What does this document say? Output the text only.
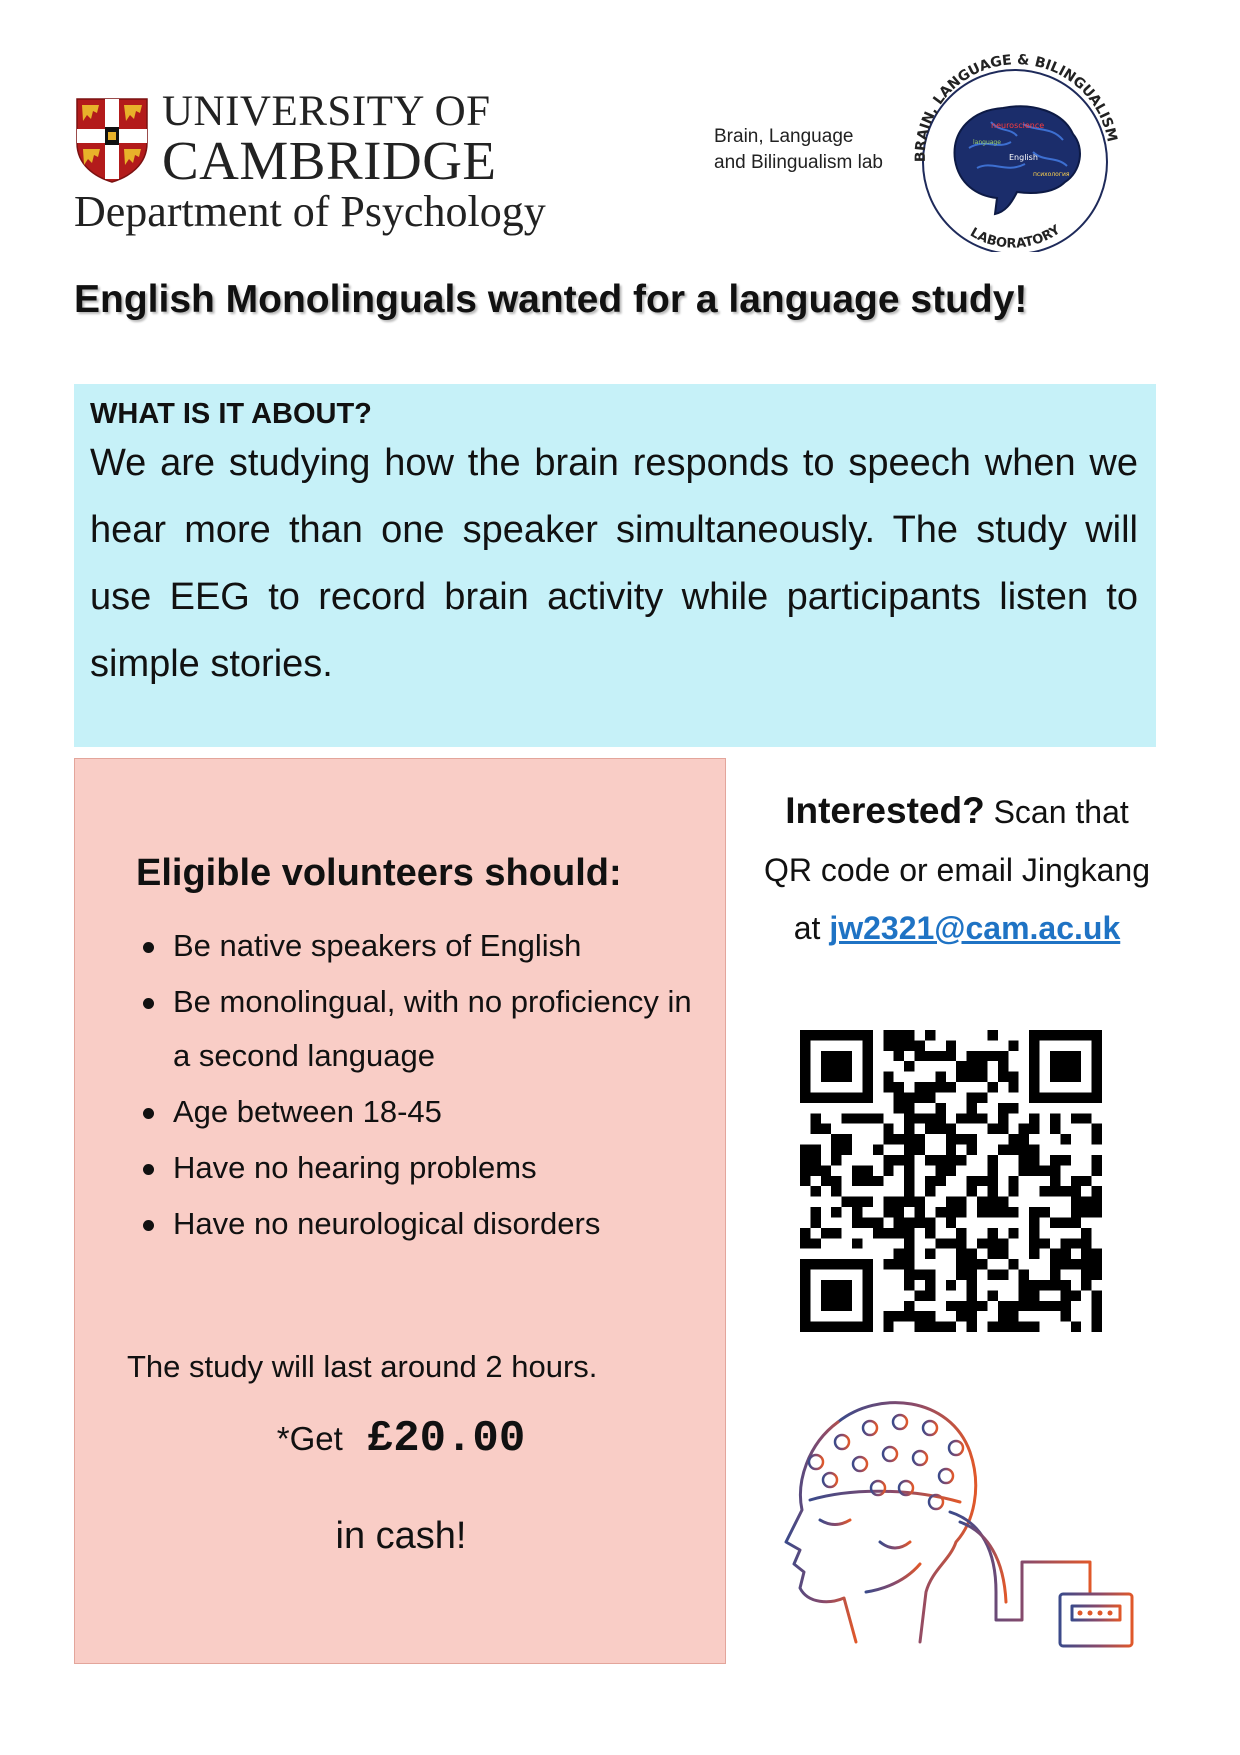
UNIVERSITY OF
CAMBRIDGE
Department of Psychology
Brain, Language
and Bilingualism lab BRAIN, LANGUAGE & BILINGUALISM
LABORATORY
neuroscience
language
English
психология
English Monolinguals wanted for a language study!
WHAT IS IT ABOUT?
We are studying how the brain responds to speech when we hear more than one speaker simultaneously. The study will use EEG to record brain activity while participants listen to simple stories.
Eligible volunteers should:
Be native speakers of English
Be monolingual, with no proficiency in a second language
Age between 18-45
Have no hearing problems
Have no neurological disorders
The study will last around 2 hours.
*Get £20.00
in cash!
Interested? Scan that
QR code or email Jingkang
at jw2321@cam.ac.uk
